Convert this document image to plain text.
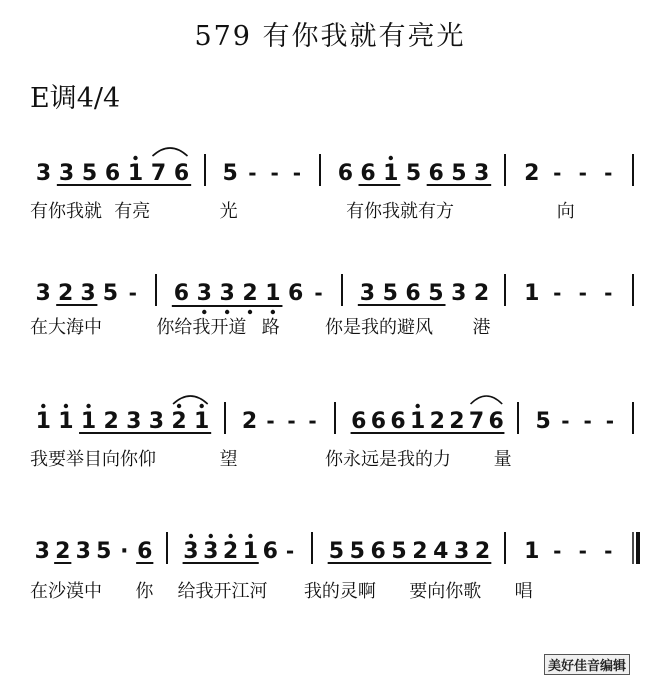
579 有你我就有亮光
E调4/4
3 3 5 6 1 7 6 5 - - - 6 6 1 5 6 5 3 2 - - -
3 2 3 5 - 6 3 3 2 1 6 - 3 5 6 5 3 2 1 - - -
1 1 1 2 3 3 2 1 2 - - - 6 6 6 1 2 2 7 6 5 - - -
3 2 3 5 · 6 3 3 2 1 6 - 5 5 6 5 2 4 3 2 1 - - -
有你我就 有亮	光	有你我就有方	向
在大海中	你给我开道 路	你是我的避风 港
我要举目向你仰	望	你永远是我的力 量
在沙漠中 你 给我开江河 我的灵啊 要向你歌 唱
美好佳音编辑
